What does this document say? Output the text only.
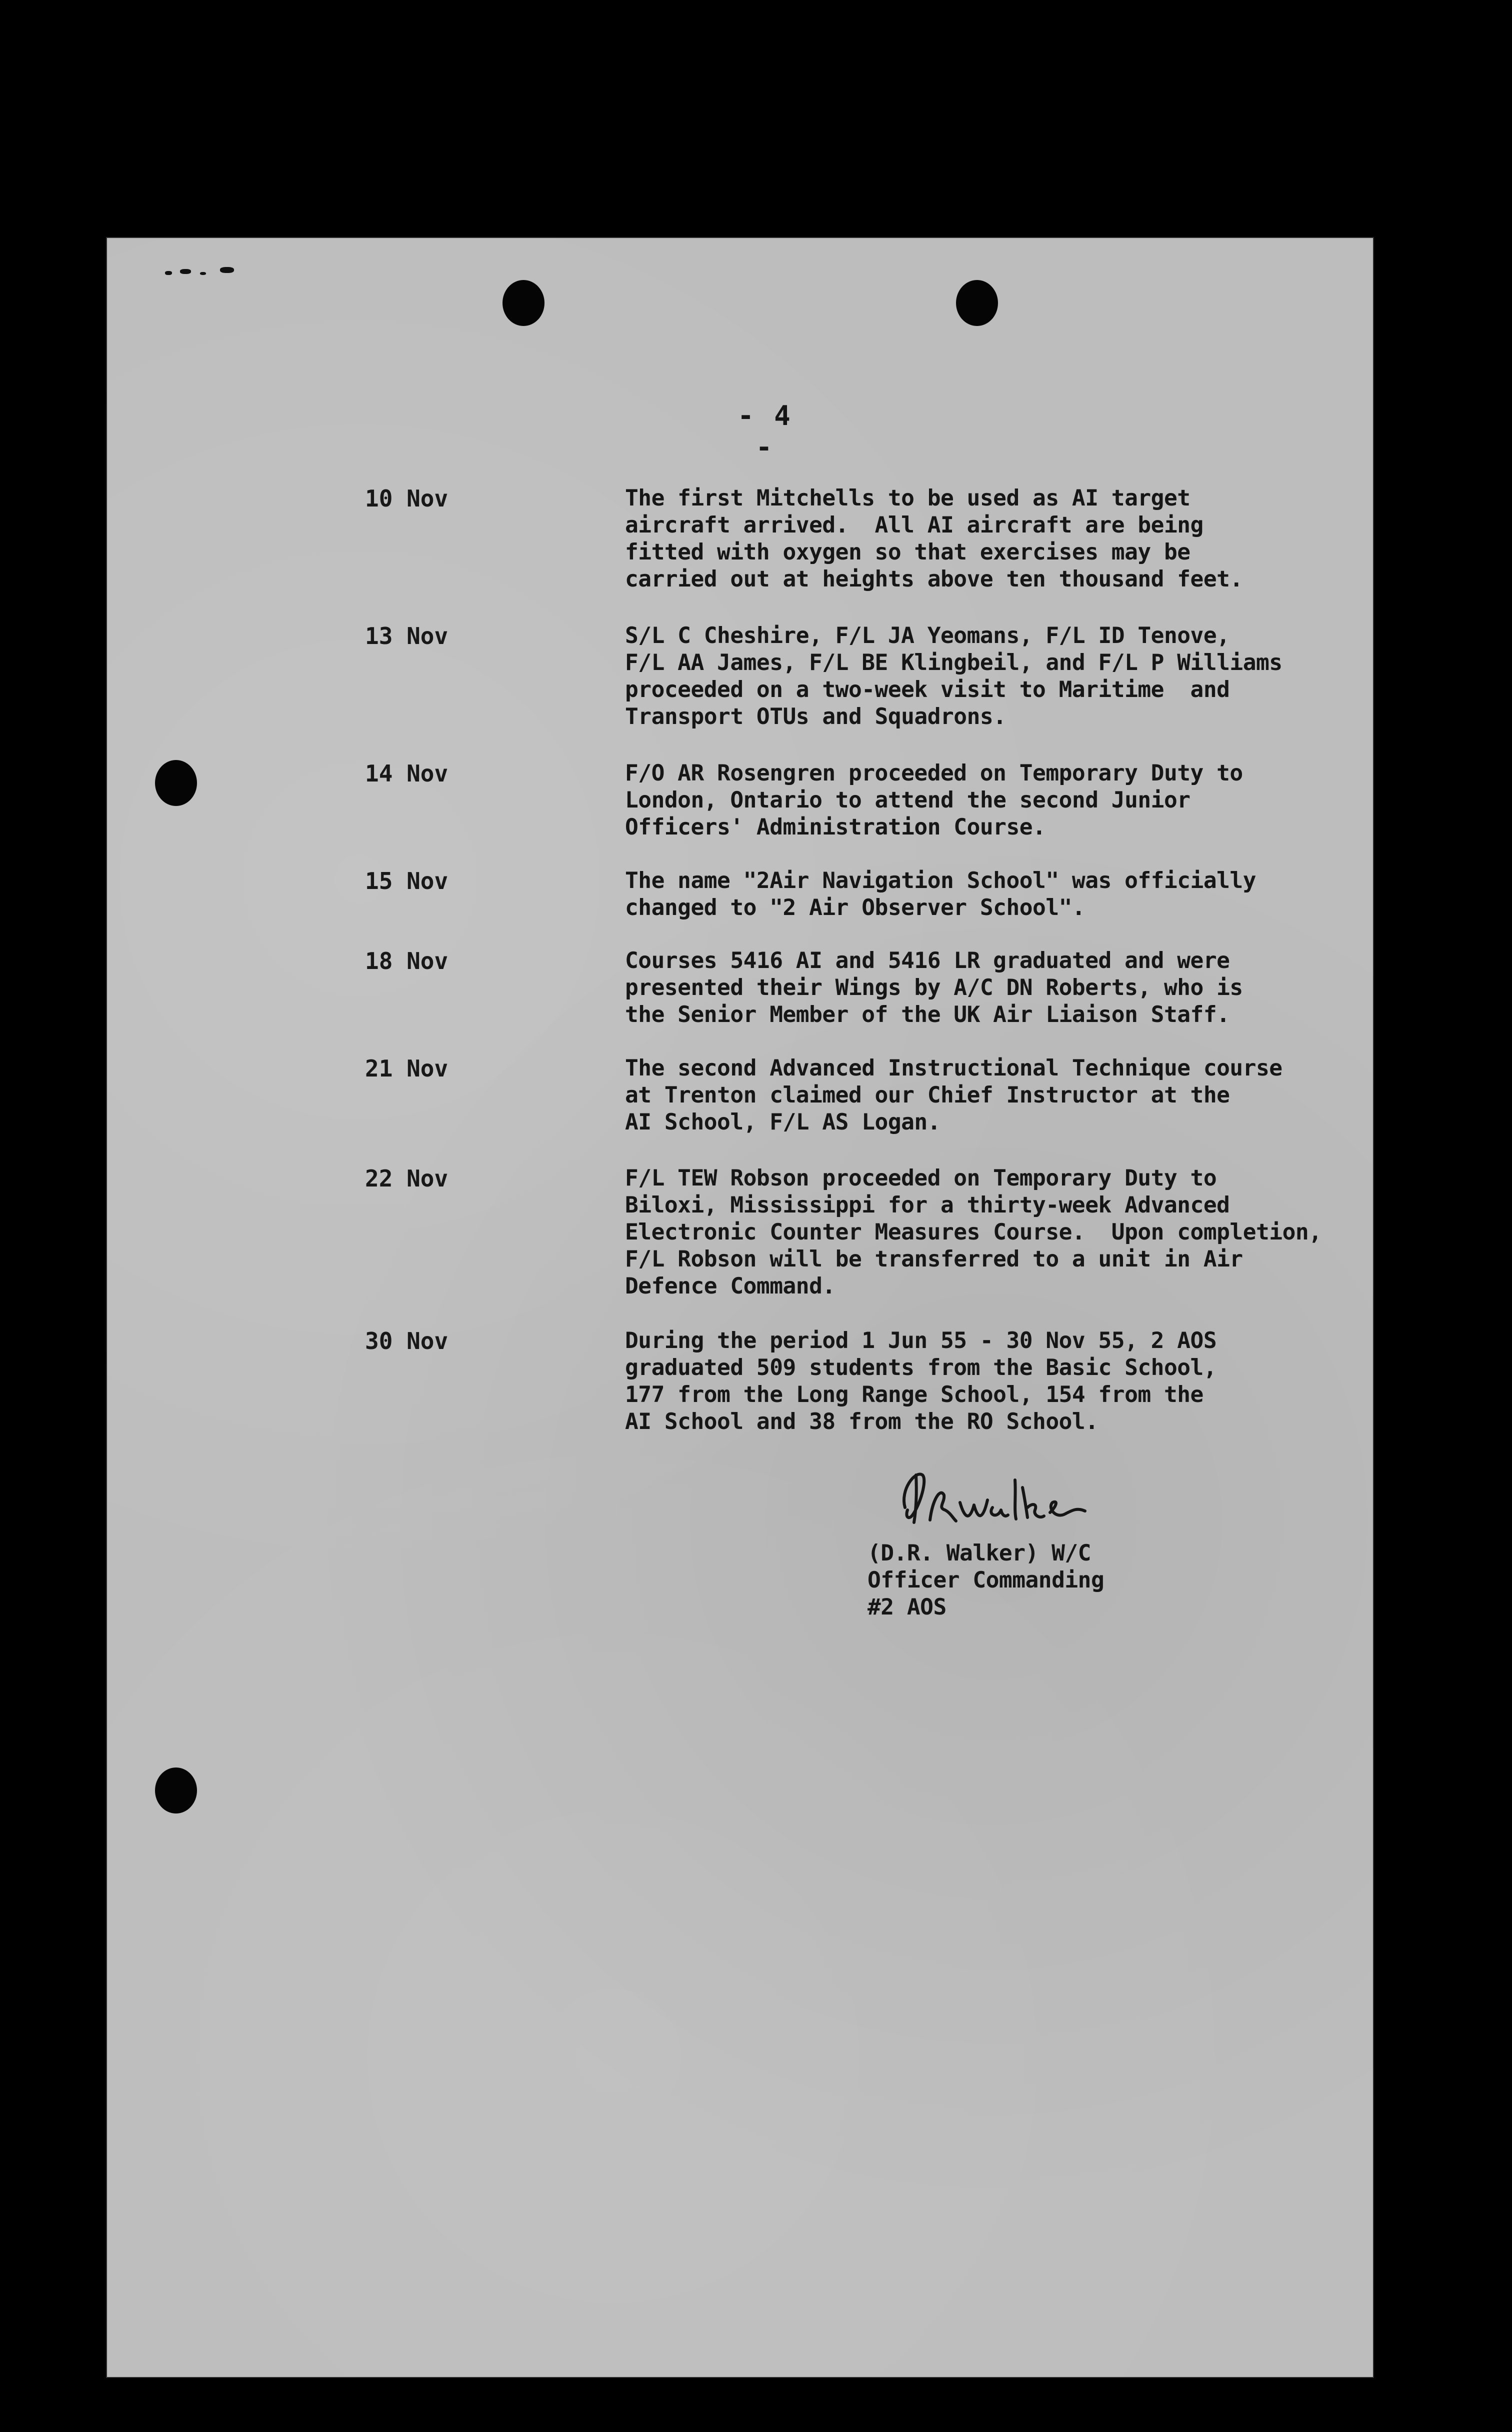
- 4 -
10 Nov	The first Mitchells to be used as AI target
aircraft arrived.  All AI aircraft are being
fitted with oxygen so that exercises may be
carried out at heights above ten thousand feet.
13 Nov	S/L C Cheshire, F/L JA Yeomans, F/L ID Tenove,
F/L AA James, F/L BE Klingbeil, and F/L P Williams
proceeded on a two-week visit to Maritime  and
Transport OTUs and Squadrons.
14 Nov	F/O AR Rosengren proceeded on Temporary Duty to
London, Ontario to attend the second Junior
Officers' Administration Course.
15 Nov	The name "2Air Navigation School" was officially
changed to "2 Air Observer School".
18 Nov	Courses 5416 AI and 5416 LR graduated and were
presented their Wings by A/C DN Roberts, who is
the Senior Member of the UK Air Liaison Staff.
21 Nov	The second Advanced Instructional Technique course
at Trenton claimed our Chief Instructor at the
AI School, F/L AS Logan.
22 Nov	F/L TEW Robson proceeded on Temporary Duty to
Biloxi, Mississippi for a thirty-week Advanced
Electronic Counter Measures Course.  Upon completion,
F/L Robson will be transferred to a unit in Air
Defence Command.
30 Nov	During the period 1 Jun 55 - 30 Nov 55, 2 AOS
graduated 509 students from the Basic School,
177 from the Long Range School, 154 from the
AI School and 38 from the RO School.
(D.R. Walker) W/C
Officer Commanding
#2 AOS
